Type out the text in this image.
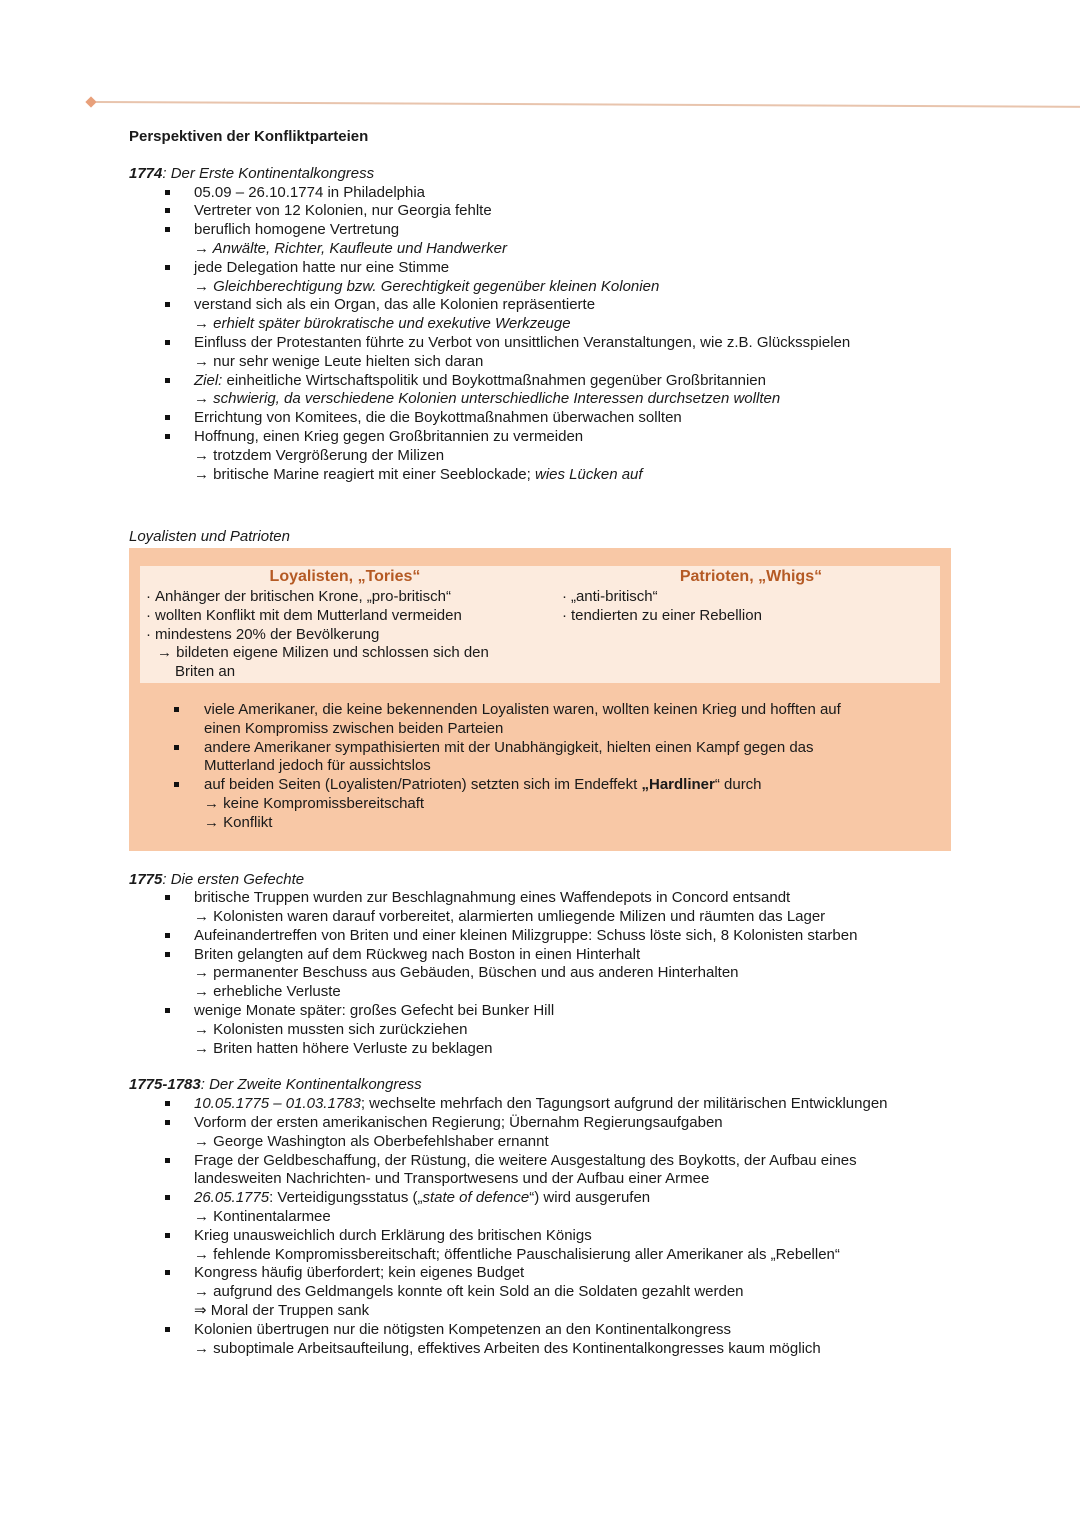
Perspektiven der Konfliktparteien

1774: Der Erste Kontinentalkongress

05.09 – 26.10.1774 in Philadelphia
Vertreter von 12 Kolonien, nur Georgia fehlte
beruflich homogene Vertretung
→ Anwälte, Richter, Kaufleute und Handwerker
jede Delegation hatte nur eine Stimme
→ Gleichberechtigung bzw. Gerechtigkeit gegenüber kleinen Kolonien
verstand sich als ein Organ, das alle Kolonien repräsentierte
→ erhielt später bürokratische und exekutive Werkzeuge
Einfluss der Protestanten führte zu Verbot von unsittlichen Veranstaltungen, wie z.B. Glücksspielen
→ nur sehr wenige Leute hielten sich daran
Ziel: einheitliche Wirtschaftspolitik und Boykottmaßnahmen gegenüber Großbritannien
→ schwierig, da verschiedene Kolonien unterschiedliche Interessen durchsetzen wollten
Errichtung von Komitees, die die Boykottmaßnahmen überwachen sollten
Hoffnung, einen Krieg gegen Großbritannien zu vermeiden
→ trotzdem Vergrößerung der Milizen
→ britische Marine reagiert mit einer Seeblockade; wies Lücken auf

Loyalisten und Patrioten

Loyalisten, „Tories“
· Anhänger der britischen Krone, „pro-britisch“
· wollten Konflikt mit dem Mutterland vermeiden
· mindestens 20% der Bevölkerung
→ bildeten eigene Milizen und schlossen sich den
Briten an
Patrioten, „Whigs“
· „anti-britisch“
· tendierten zu einer Rebellion
viele Amerikaner, die keine bekennenden Loyalisten waren, wollten keinen Krieg und hofften auf
einen Kompromiss zwischen beiden Parteien
andere Amerikaner sympathisierten mit der Unabhängigkeit, hielten einen Kampf gegen das
Mutterland jedoch für aussichtslos
auf beiden Seiten (Loyalisten/Patrioten) setzten sich im Endeffekt „Hardliner“ durch
→ keine Kompromissbereitschaft
→ Konflikt

1775: Die ersten Gefechte

britische Truppen wurden zur Beschlagnahmung eines Waffendepots in Concord entsandt
→ Kolonisten waren darauf vorbereitet, alarmierten umliegende Milizen und räumten das Lager
Aufeinandertreffen von Briten und einer kleinen Milizgruppe: Schuss löste sich, 8 Kolonisten starben
Briten gelangten auf dem Rückweg nach Boston in einen Hinterhalt
→ permanenter Beschuss aus Gebäuden, Büschen und aus anderen Hinterhalten
→ erhebliche Verluste
wenige Monate später: großes Gefecht bei Bunker Hill
→ Kolonisten mussten sich zurückziehen
→ Briten hatten höhere Verluste zu beklagen

1775-1783: Der Zweite Kontinentalkongress

10.05.1775 – 01.03.1783; wechselte mehrfach den Tagungsort aufgrund der militärischen Entwicklungen
Vorform der ersten amerikanischen Regierung; Übernahm Regierungsaufgaben
→ George Washington als Oberbefehlshaber ernannt
Frage der Geldbeschaffung, der Rüstung, die weitere Ausgestaltung des Boykotts, der Aufbau eines
landesweiten Nachrichten- und Transportwesens und der Aufbau einer Armee
26.05.1775: Verteidigungsstatus („state of defence“) wird ausgerufen
→ Kontinentalarmee
Krieg unausweichlich durch Erklärung des britischen Königs
→ fehlende Kompromissbereitschaft; öffentliche Pauschalisierung aller Amerikaner als „Rebellen“
Kongress häufig überfordert; kein eigenes Budget
→ aufgrund des Geldmangels konnte oft kein Sold an die Soldaten gezahlt werden
⇒ Moral der Truppen sank
Kolonien übertrugen nur die nötigsten Kompetenzen an den Kontinentalkongress
→ suboptimale Arbeitsaufteilung, effektives Arbeiten des Kontinentalkongresses kaum möglich
